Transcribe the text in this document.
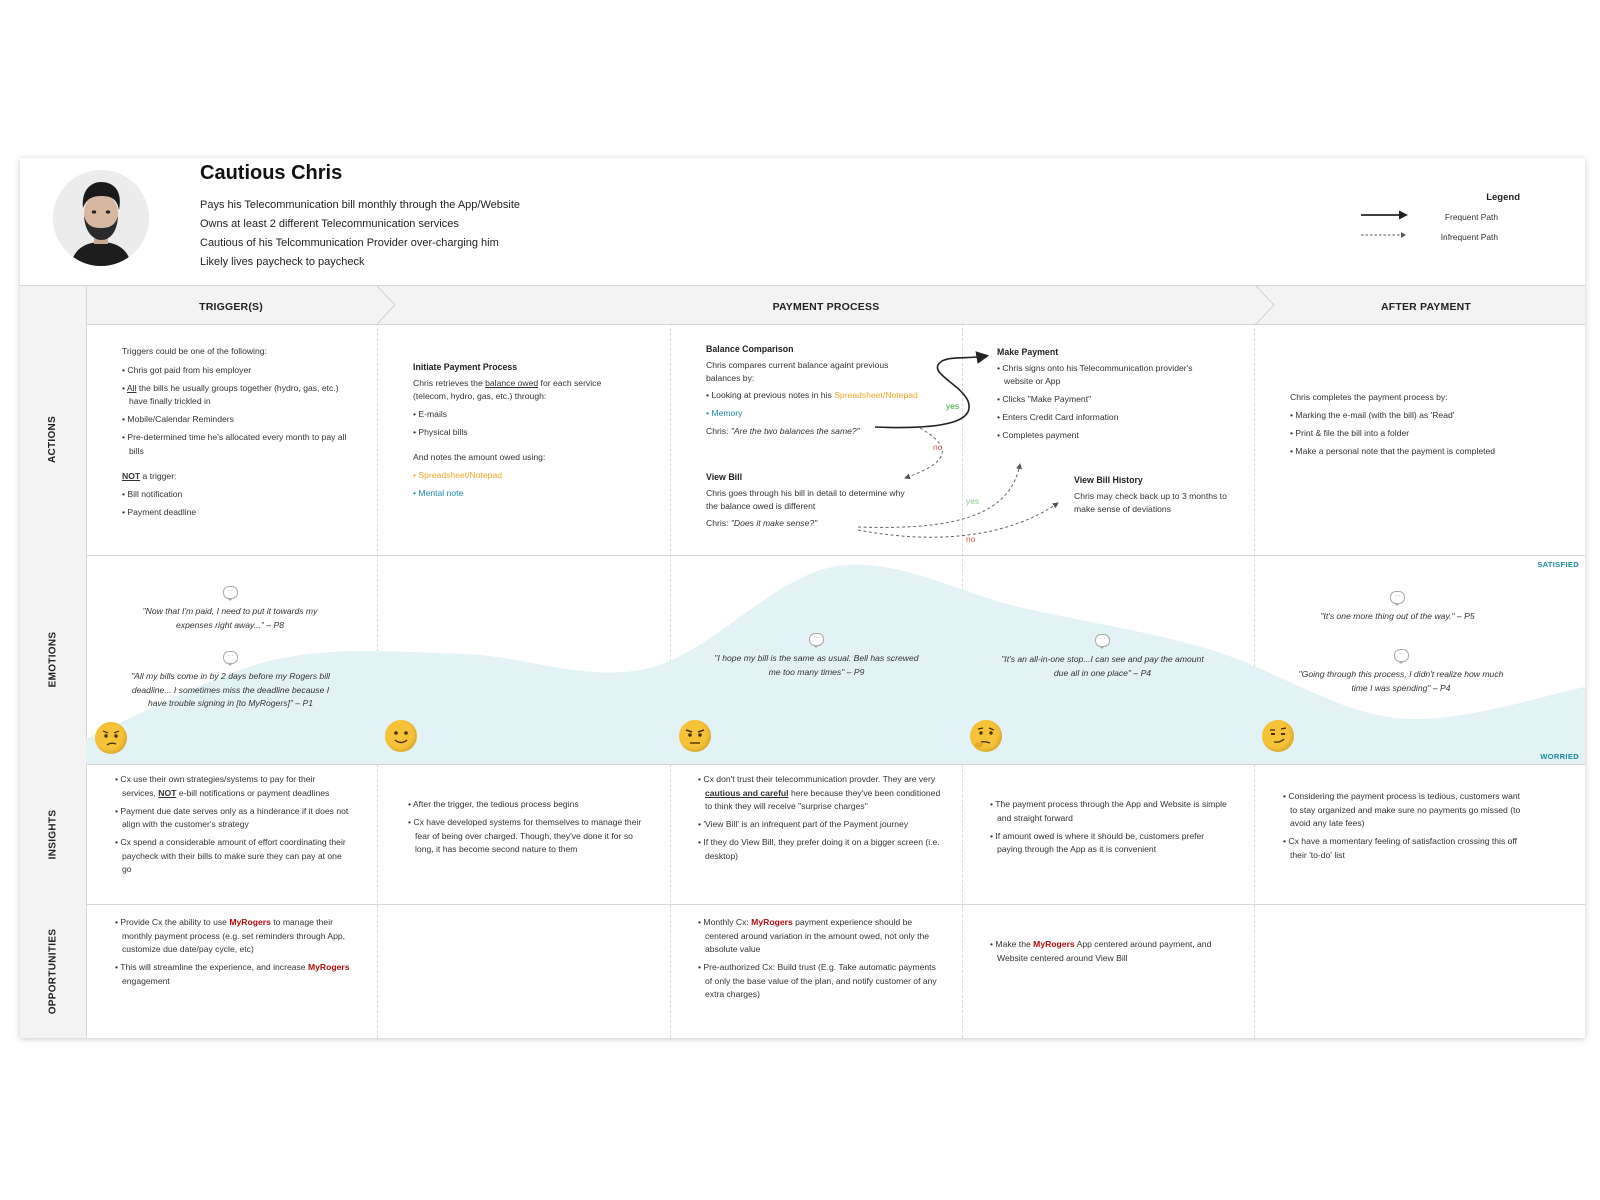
Cautious Chris
Pays his Telecommunication bill monthly through the App/Website
Owns at least 2 different Telecommunication services
Cautious of his Telcommunication Provider over-charging him
Likely lives paycheck to paycheck
Legend
Frequent Path
Infrequent Path
TRIGGER(S)	PAYMENT PROCESS	AFTER PAYMENT
ACTIONS
EMOTIONS
INSIGHTS
OPPORTUNITIES

Triggers could be one of the following:

• Chris got paid from his employer
• All the bills he usually groups together (hydro, gas, etc.) have finally trickled in
• Mobile/Calendar Reminders
• Pre-determined time he's allocated every month to pay all bills

NOT a trigger:

• Bill notification
• Payment deadline
Initiate Payment Process

Chris retrieves the balance owed for each service (telecom, hydro, gas, etc.) through:

• E-mails
• Physical bills

And notes the amount owed using:

• Spreadsheet/Notepad
• Mental note
Balance Comparison

Chris compares current balance againt previous balances by:

• Looking at previous notes in his Spreadsheet/Notepad
• Memory

Chris: "Are the two balances the same?"

View Bill

Chris goes through his bill in detail to determine why the balance owed is different

Chris: "Does it make sense?"

Make Payment
• Chris signs onto his Telecommunication provider's website or App
• Clicks "Make Payment"
• Enters Credit Card information
• Completes payment
View Bill History

Chris may check back up to 3 months to make sense of deviations

Chris completes the payment process by:

• Marking the e-mail (with the bill) as 'Read'
• Print & file the bill into a folder
• Make a personal note that the payment is completed
yes
no
yes
no
SATISFIED
WORRIED
···
"Now that I'm paid, I need to put it towards my expenses right away..." – P8
···
"All my bills come in by 2 days before my Rogers bill deadline... I sometimes miss the deadline because I have trouble signing in [to MyRogers]" – P1
···
"I hope my bill is the same as usual. Bell has screwed me too many times" – P9
···
"It's an all-in-one stop...I can see and pay the amount due all in one place" – P4
···
"It's one more thing out of the way." – P5
···
"Going through this process, I didn't realize how much time I was spending" – P4
• Cx use their own strategies/systems to pay for their services, NOT e-bill notifications or payment deadlines
• Payment due date serves only as a hinderance if it does not align with the customer's strategy
• Cx spend a considerable amount of effort coordinating their paycheck with their bills to make sure they can pay at one go
• After the trigger, the tedious process begins
• Cx have developed systems for themselves to manage their fear of being over charged. Though, they've done it for so long, it has become second nature to them
• Cx don't trust their telecommunication provder. They are very cautious and careful here because they've been conditioned to think they will receive "surprise charges"
• 'View Bill' is an infrequent part of the Payment journey
• If they do View Bill, they prefer doing it on a bigger screen (i.e. desktop)
• The payment process through the App and Website is simple and straight forward
• If amount owed is where it should be, customers prefer paying through the App as it is convenient
• Considering the payment process is tedious, customers want to stay organized and make sure no payments go missed (to avoid any late fees)
• Cx have a momentary feeling of satisfaction crossing this off their 'to-do' list
• Provide Cx the ability to use MyRogers to manage their monthly payment process (e.g. set reminders through App, customize due date/pay cycle, etc)
• This will streamline the experience, and increase MyRogers engagement
• Monthly Cx: MyRogers payment experience should be centered around variation in the amount owed, not only the absolute value
• Pre-authorized Cx: Build trust (E.g. Take automatic payments of only the base value of the plan, and notify customer of any extra charges)
• Make the MyRogers App centered around payment, and Website centered around View Bill
